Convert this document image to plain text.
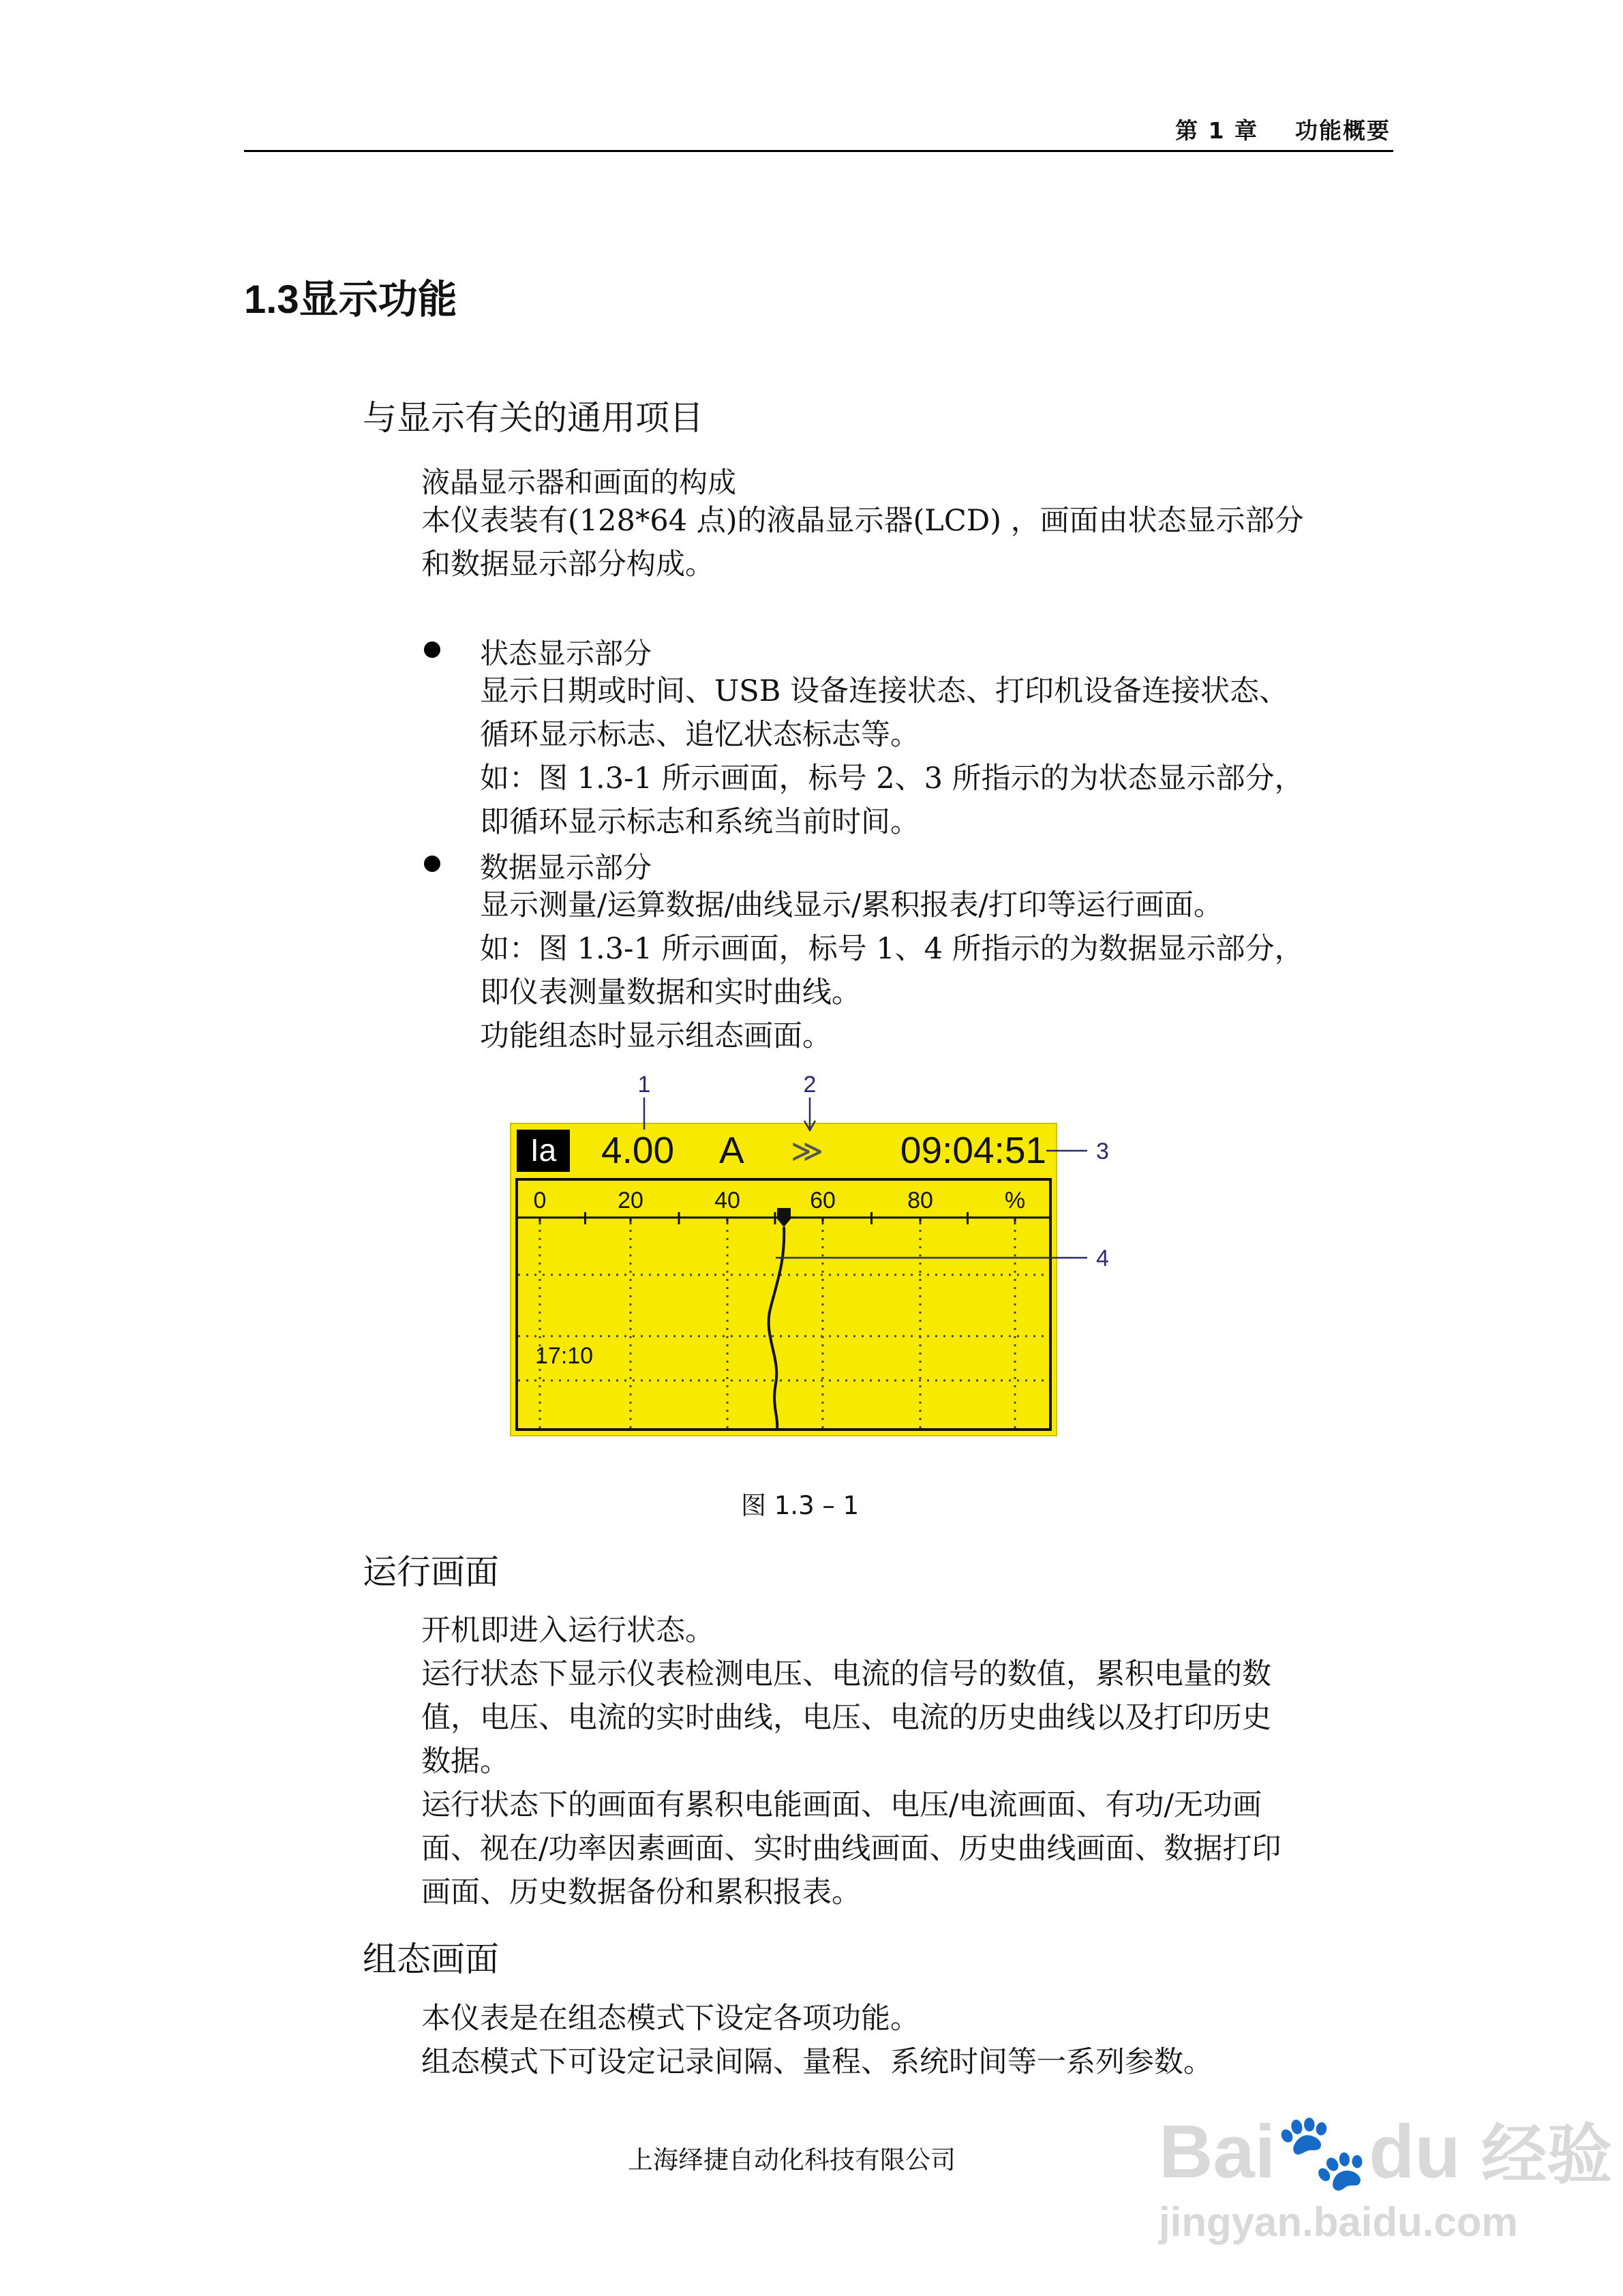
第 1 章 功能概要
1.3显示功能
与显示有关的通用项目
液晶显示器和画面的构成
本仪表装有(128*64 点)的液晶显示器(LCD) ，画面由状态显示部分
和数据显示部分构成。
状态显示部分
显示日期或时间、USB 设备连接状态、打印机设备连接状态、
循环显示标志、追忆状态标志等。
如：图 1.3-1 所示画面，标号 2、3 所指示的为状态显示部分，
即循环显示标志和系统当前时间。
数据显示部分
显示测量/运算数据/曲线显示/累积报表/打印等运行画面。
如：图 1.3-1 所示画面，标号 1、4 所指示的为数据显示部分，
即仪表测量数据和实时曲线。
功能组态时显示组态画面。
Ia 4.00 A ≫ 09:04:51
0	20	40	60	80	%
17:10
1	2
3
4
图 1.3 – 1
运行画面
开机即进入运行状态。
运行状态下显示仪表检测电压、电流的信号的数值，累积电量的数
值，电压、电流的实时曲线，电压、电流的历史曲线以及打印历史
数据。
运行状态下的画面有累积电能画面、电压/电流画面、有功/无功画
面、视在/功率因素画面、实时曲线画面、历史曲线画面、数据打印
画面、历史数据备份和累积报表。
组态画面
本仪表是在组态模式下设定各项功能。
组态模式下可设定记录间隔、量程、系统时间等一系列参数。
上海绎捷自动化科技有限公司	Bai🐾du 经验
jingyan.baidu.com
